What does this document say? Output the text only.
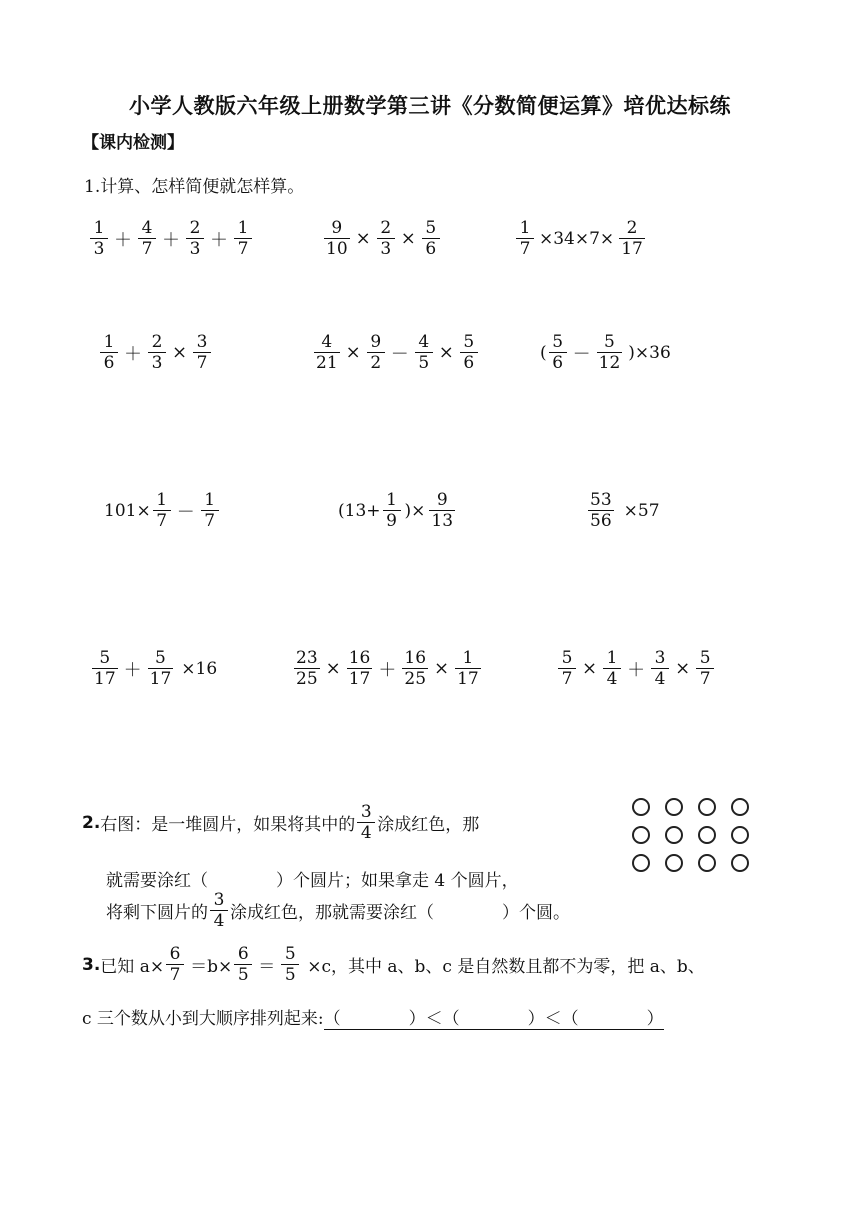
小学人教版六年级上册数学第三讲《分数简便运算》培优达标练
【课内检测】
1.计算、怎样简便就怎样算。
$\frac{1}{3} + \frac{4}{7} + \frac{2}{3} + \frac{1}{7}$	$\frac{9}{10} \times \frac{2}{3} \times \frac{5}{6}$	$\frac{1}{7} \times 34\times 7\times \frac{2}{17}$
$\frac{1}{6} + \frac{2}{3} \times \frac{3}{7}$	$\frac{4}{21} \times \frac{9}{2} - \frac{4}{5} \times \frac{5}{6}$	( $\frac{5}{6} - \frac{5}{12} )\times 36$
$101\times \frac{1}{7} - \frac{1}{7}$	($13+ \frac{1}{9}$ )× $\frac{9}{13}$	$\frac{53}{56} \times 57$
$\frac{5}{17} + \frac{5}{17} \times 16$	$\frac{23}{25} \times \frac{16}{17} + \frac{16}{25} \times \frac{1}{17}$	$\frac{5}{7} \times \frac{1}{4} + \frac{3}{4} \times \frac{5}{7}$
2. 右图：是一堆圆片，如果将其中的 $\frac{3}{4}$ 涂成红色，那
就需要涂红（　　　　）个圆片；如果拿走 4 个圆片，
将剩下圆片的 $\frac{3}{4}$ 涂成红色，那就需要涂红（　　　　）个圆。
3. 已知 $a\times \frac{6}{7} =b\times \frac{6}{5} = \frac{5}{5} \times c$，其中 a、b、c 是自然数且都不为零，把 a、b、
c 三个数从小到大顺序排列起来:（　　　　）＜（　　　　）＜（　　　　）
